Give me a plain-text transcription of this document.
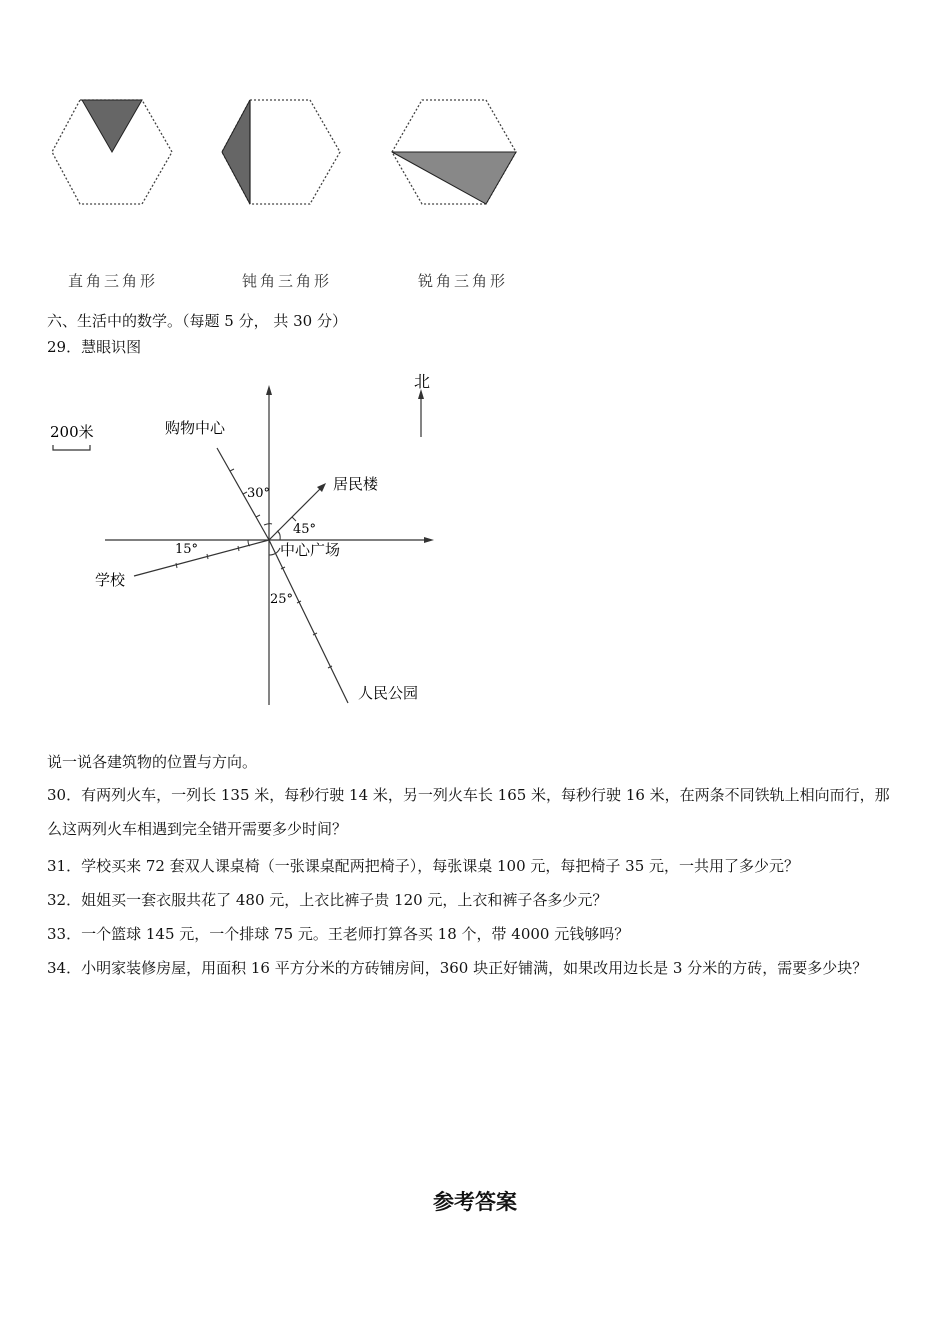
直角三角形	钝角三角形	锐角三角形
六、生活中的数学。（每题 5 分， 共 30 分）
29．慧眼识图
北
200米	购物中心
30°
居民楼
45°
学校
15°	中心广场
人民公园
25°
说一说各建筑物的位置与方向。
30．有两列火车，一列长 135 米，每秒行驶 14 米，另一列火车长 165 米，每秒行驶 16 米，在两条不同铁轨上相向而行，那么这两列火车相遇到完全错开需要多少时间？
31．学校买来 72 套双人课桌椅（一张课桌配两把椅子），每张课桌 100 元，每把椅子 35 元，一共用了多少元？
32．姐姐买一套衣服共花了 480 元，上衣比裤子贵 120 元，上衣和裤子各多少元？
33．一个篮球 145 元，一个排球 75 元。王老师打算各买 18 个，带 4000 元钱够吗？
34．小明家装修房屋，用面积 16 平方分米的方砖铺房间，360 块正好铺满，如果改用边长是 3 分米的方砖，需要多少块？
参考答案
